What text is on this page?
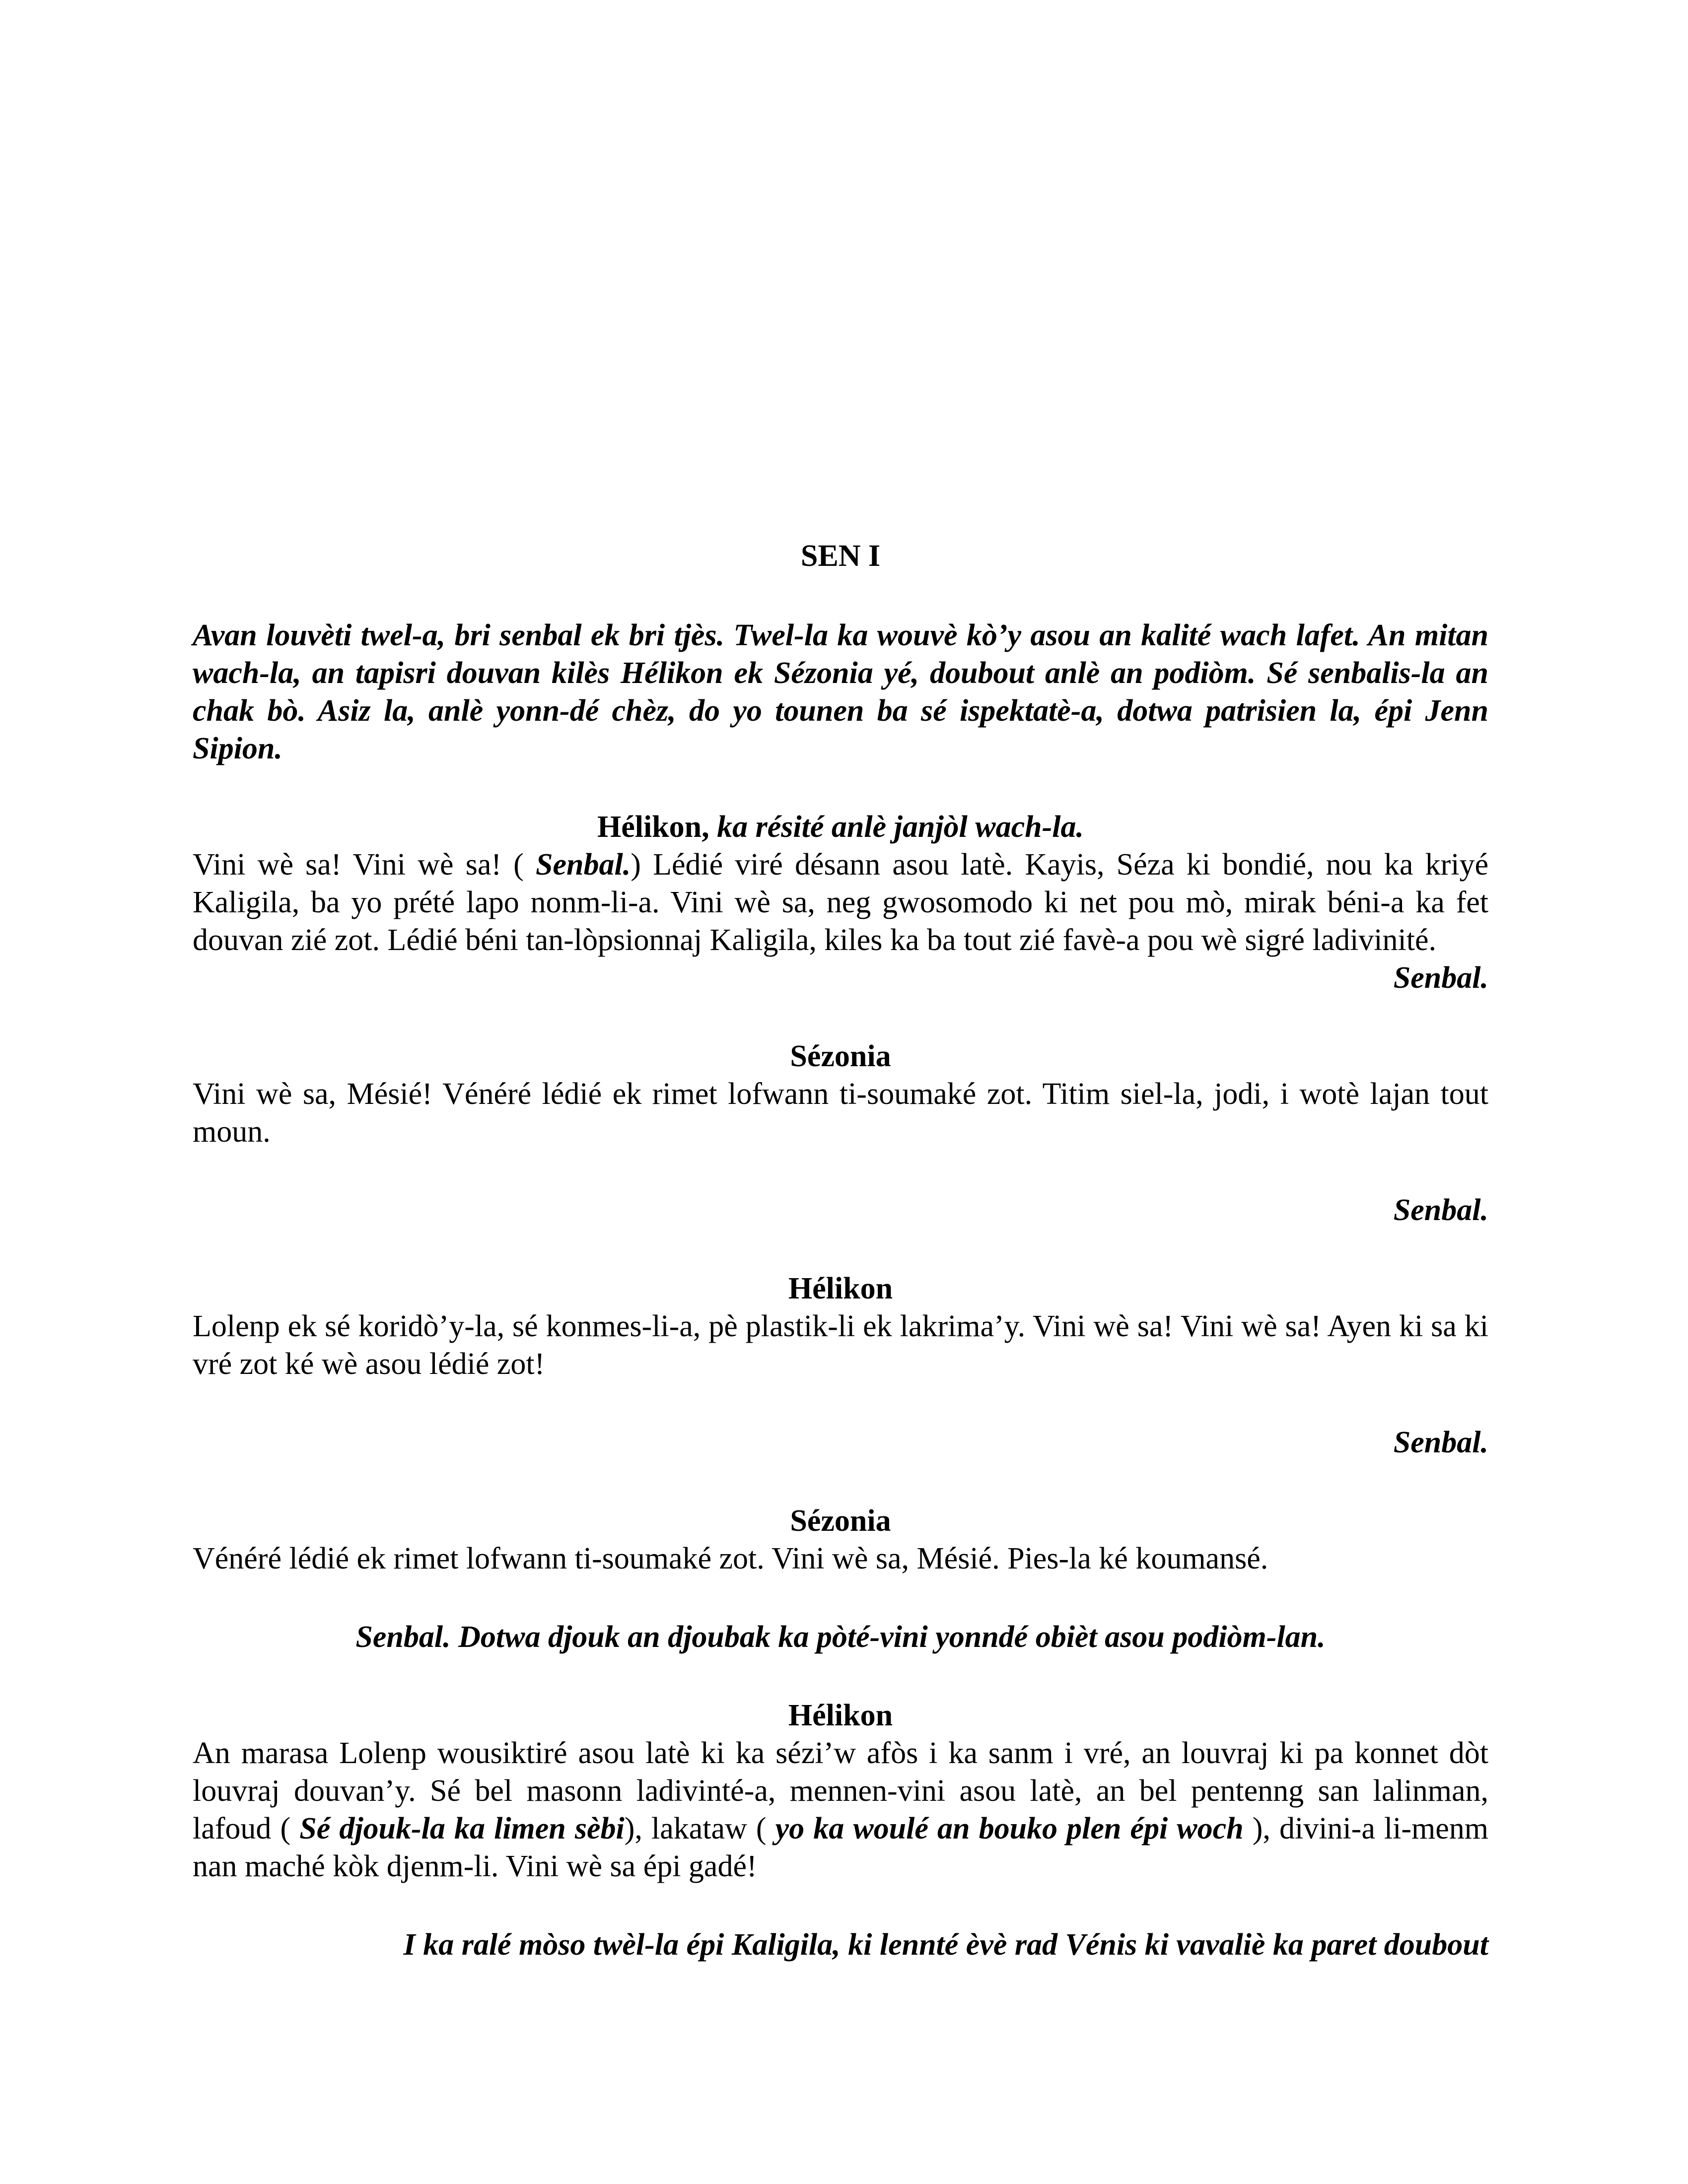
SEN I

Avan louvèti twel-a, bri senbal ek bri tjès. Twel-la ka wouvè kò’y asou an kalité wach lafet. An mitan wach-la, an tapisri douvan kilès Hélikon ek Sézonia yé, doubout anlè an podiòm. Sé senbalis-la an chak bò. Asiz la, anlè yonn-dé chèz, do yo tounen ba sé ispektatè-a, dotwa patrisien la, épi Jenn Sipion.

Hélikon, ka résité anlè janjòl wach-la.

Vini wè sa! Vini wè sa! ( Senbal.) Lédié viré désann asou latè. Kayis, Séza ki bondié, nou ka kriyé Kaligila, ba yo prété lapo nonm-li-a. Vini wè sa, neg gwosomodo ki net pou mò, mirak béni-a ka fet douvan zié zot. Lédié béni tan-lòpsionnaj Kaligila, kiles ka ba tout zié favè-a pou wè sigré ladivinité.

Senbal.

Sézonia

Vini wè sa, Mésié! Vénéré lédié ek rimet lofwann ti-soumaké zot. Titim siel-la, jodi, i wotè lajan tout moun.

Senbal.

Hélikon

Lolenp ek sé koridò’y-la, sé konmes-li-a, pè plastik-li ek lakrima’y. Vini wè sa! Vini wè sa! Ayen ki sa ki vré zot ké wè asou lédié zot!

Senbal.

Sézonia

Vénéré lédié ek rimet lofwann ti-soumaké zot. Vini wè sa, Mésié. Pies-la ké koumansé.

Senbal. Dotwa djouk an djoubak ka pòté-vini yonndé obièt asou podiòm-lan.

Hélikon

An marasa Lolenp wousiktiré asou latè ki ka sézi’w afòs i ka sanm i vré, an louvraj ki pa konnet dòt louvraj douvan’y. Sé bel masonn ladivinté-a, mennen-vini asou latè, an bel pentenng san lalinman, lafoud ( Sé djouk-la ka limen sèbi), lakataw ( yo ka woulé an bouko plen épi woch ), divini-a li-menm nan maché kòk djenm-li. Vini wè sa épi gadé!

I ka ralé mòso twèl-la épi Kaligila, ki lennté èvè rad Vénis ki vavaliè ka paret doubout
